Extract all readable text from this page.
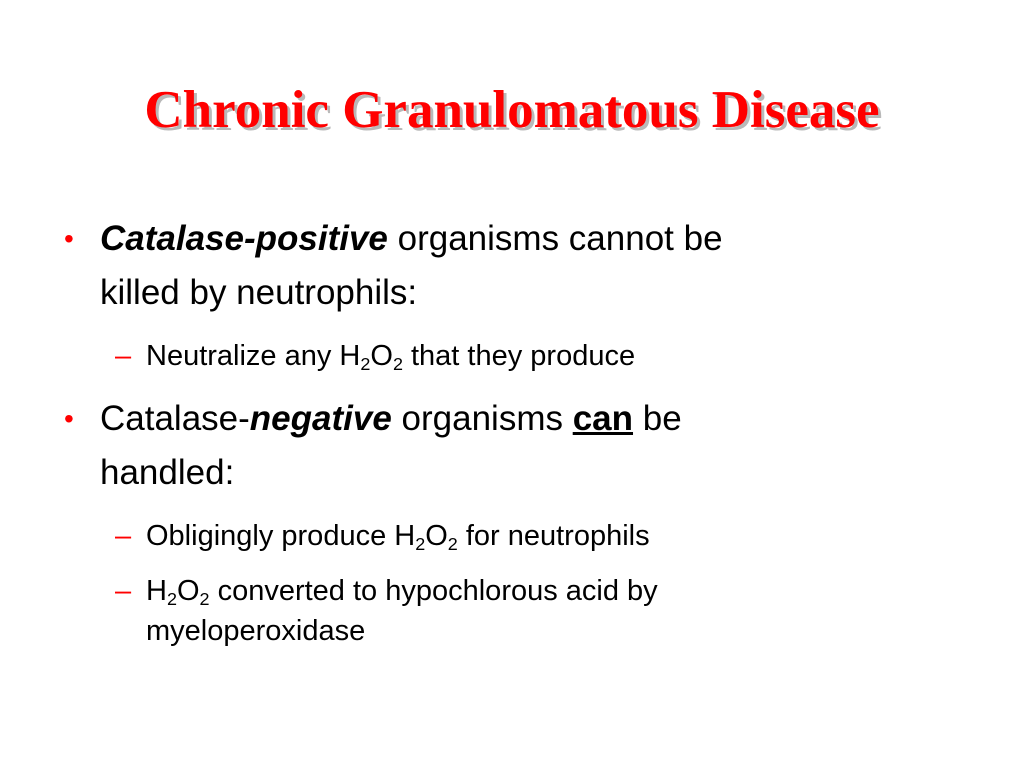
Chronic Granulomatous Disease
• Catalase-positive organisms cannot be
killed by neutrophils:
– Neutralize any $H_2O_2$ that they produce
• Catalase-negative organisms can be
handled:
– Obligingly produce $H_2O_2$ for neutrophils
– $H_2O_2$ converted to hypochlorous acid by
myeloperoxidase
